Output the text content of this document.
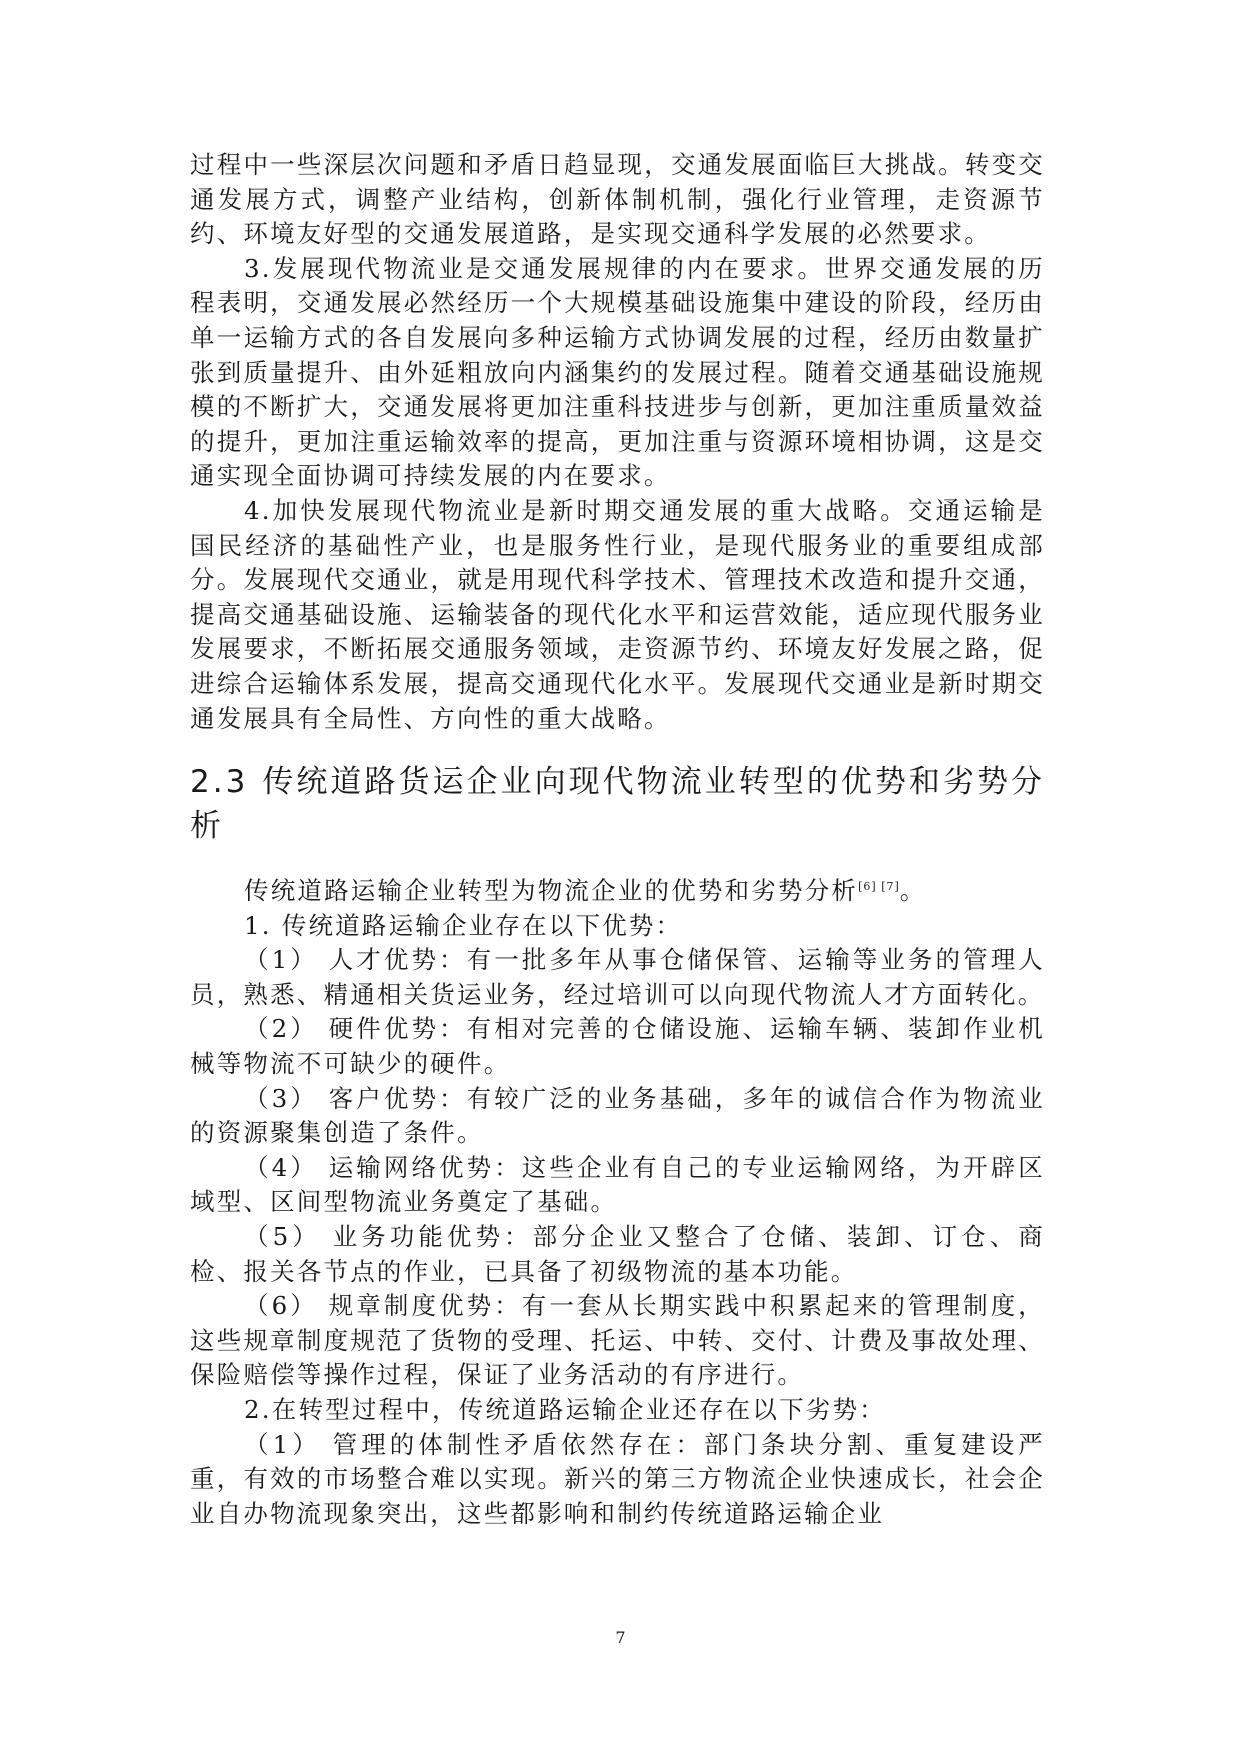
过程中一些深层次问题和矛盾日趋显现，交通发展面临巨大挑战。转变交通发展方式，调整产业结构，创新体制机制，强化行业管理，走资源节约、环境友好型的交通发展道路，是实现交通科学发展的必然要求。

3.发展现代物流业是交通发展规律的内在要求。世界交通发展的历程表明，交通发展必然经历一个大规模基础设施集中建设的阶段，经历由单一运输方式的各自发展向多种运输方式协调发展的过程，经历由数量扩张到质量提升、由外延粗放向内涵集约的发展过程。随着交通基础设施规模的不断扩大，交通发展将更加注重科技进步与创新，更加注重质量效益的提升，更加注重运输效率的提高，更加注重与资源环境相协调，这是交通实现全面协调可持续发展的内在要求。

4.加快发展现代物流业是新时期交通发展的重大战略。交通运输是国民经济的基础性产业，也是服务性行业，是现代服务业的重要组成部分。发展现代交通业，就是用现代科学技术、管理技术改造和提升交通，提高交通基础设施、运输装备的现代化水平和运营效能，适应现代服务业发展要求，不断拓展交通服务领域，走资源节约、环境友好发展之路，促进综合运输体系发展，提高交通现代化水平。发展现代交通业是新时期交通发展具有全局性、方向性的重大战略。

2.3 传统道路货运企业向现代物流业转型的优势和劣势分析

传统道路运输企业转型为物流企业的优势和劣势分析[6] [7]。

1. 传统道路运输企业存在以下优势：

（1） 人才优势：有一批多年从事仓储保管、运输等业务的管理人员，熟悉、精通相关货运业务，经过培训可以向现代物流人才方面转化。

（2） 硬件优势：有相对完善的仓储设施、运输车辆、装卸作业机械等物流不可缺少的硬件。

（3） 客户优势：有较广泛的业务基础，多年的诚信合作为物流业的资源聚集创造了条件。

（4） 运输网络优势：这些企业有自己的专业运输网络，为开辟区域型、区间型物流业务奠定了基础。

（5） 业务功能优势：部分企业又整合了仓储、装卸、订仓、商检、报关各节点的作业，已具备了初级物流的基本功能。

（6） 规章制度优势：有一套从长期实践中积累起来的管理制度，这些规章制度规范了货物的受理、托运、中转、交付、计费及事故处理、保险赔偿等操作过程，保证了业务活动的有序进行。

2.在转型过程中，传统道路运输企业还存在以下劣势：

（1） 管理的体制性矛盾依然存在：部门条块分割、重复建设严重，有效的市场整合难以实现。新兴的第三方物流企业快速成长，社会企业自办物流现象突出，这些都影响和制约传统道路运输企业

7
